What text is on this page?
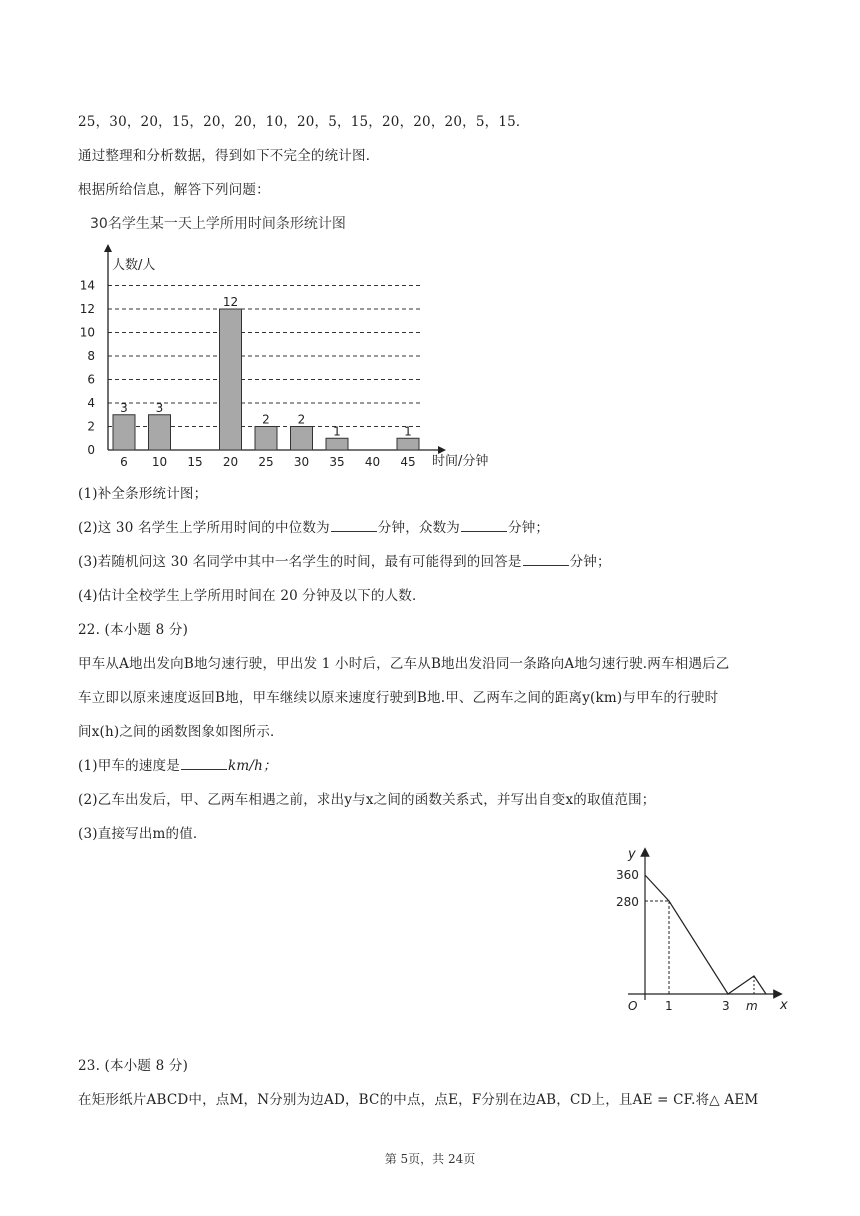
25，30，20，15，20，20，10，20，5，15，20，20，20，5，15．
通过整理和分析数据，得到如下不完全的统计图．
根据所给信息，解答下列问题：
30名学生某一天上学所用时间条形统计图
0
2
4
6
8
10
12
14
人数/人
时间/分钟
6
3
10
3
15 20
12
25
2
30
2
35
1
40 45
1
(1)补全条形统计图；
(2)这 30 名学生上学所用时间的中位数为	分钟，众数为	分钟；
(3)若随机问这 30 名同学中其中一名学生的时间，最有可能得到的回答是	分钟；
(4)估计全校学生上学所用时间在 20 分钟及以下的人数．
22. (本小题 8 分)
甲车从A地出发向B地匀速行驶，甲出发 1 小时后，乙车从B地出发沿同一条路向A地匀速行驶.两车相遇后乙
车立即以原来速度返回B地，甲车继续以原来速度行驶到B地.甲、乙两车之间的距离y(km)与甲车的行驶时
间x(h)之间的函数图象如图所示．
(1)甲车的速度是	km/h；
(2)乙车出发后，甲、乙两车相遇之前，求出y与x之间的函数关系式，并写出自变x的取值范围；
(3)直接写出m的值．
y
x
O
360
280
1	3 m
23. (本小题 8 分)
在矩形纸片ABCD中，点M，N分别为边AD，BC的中点，点E，F分别在边AB，CD上，且AE = CF.将△ AEM
第 5页，共 24页
